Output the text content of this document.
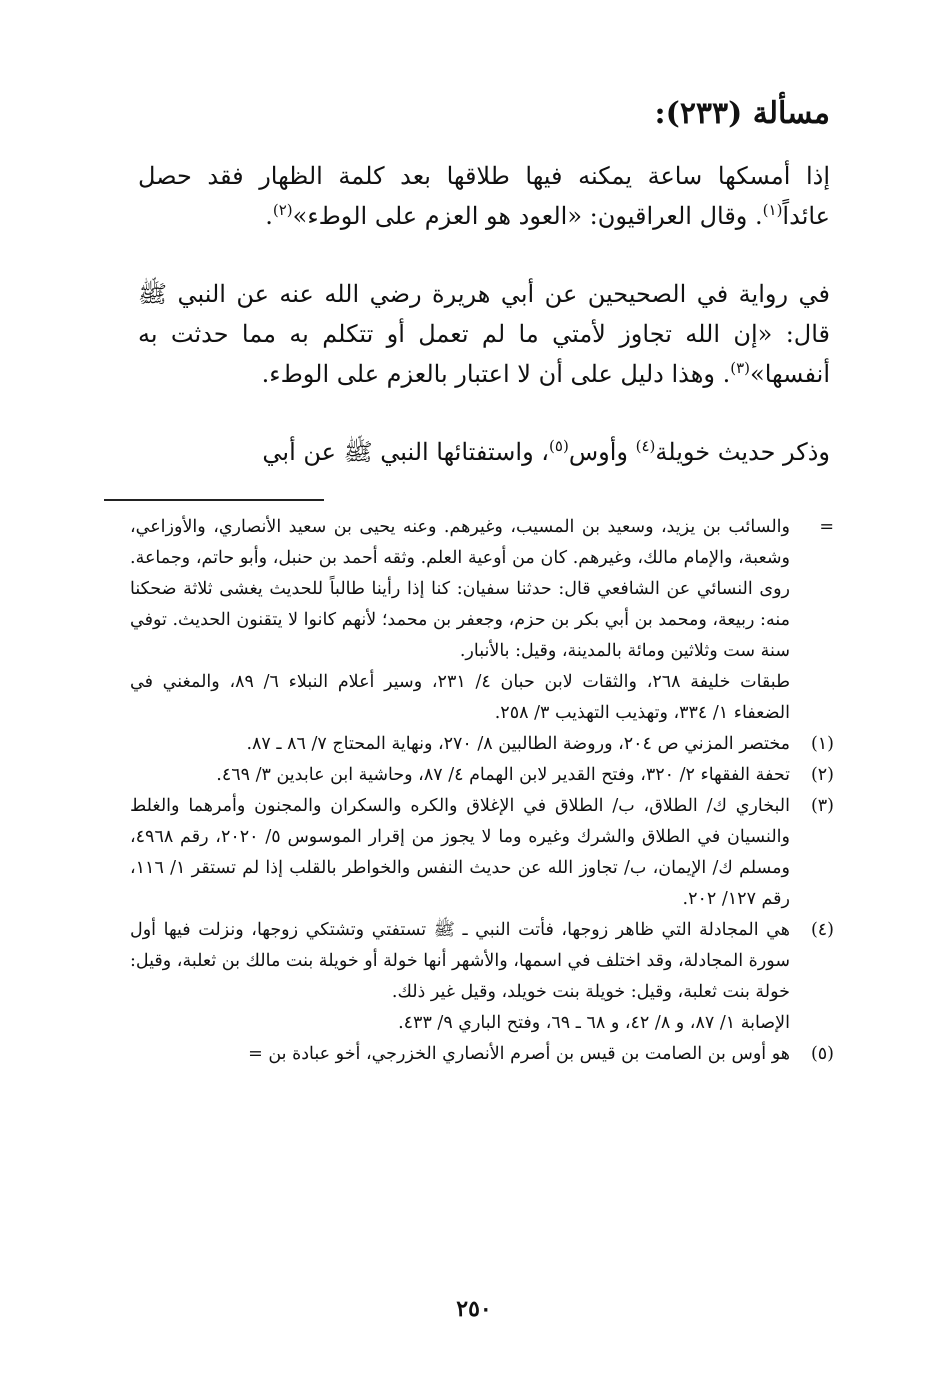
مسألة (٢٣٣):
إذا أمسكها ساعة يمكنه فيها طلاقها بعد كلمة الظهار فقد حصل عائداً$^{(١)}$. وقال العراقيون: «العود هو العزم على الوطء»$^{(٢)}$.
في رواية في الصحيحين عن أبي هريرة رضي الله عنه عن النبي ﷺ قال: «إن الله تجاوز لأمتي ما لم تعمل أو تتكلم به مما حدثت به أنفسها»$^{(٣)}$. وهذا دليل على أن لا اعتبار بالعزم على الوطء.
وذكر حديث خويلة$^{(٤)}$ وأوس$^{(٥)}$، واستفتائها النبي ﷺ عن أبي
=
والسائب بن يزيد، وسعيد بن المسيب، وغيرهم. وعنه يحيى بن سعيد الأنصاري، والأوزاعي، وشعبة، والإمام مالك، وغيرهم. كان من أوعية العلم. وثقه أحمد بن حنبل، وأبو حاتم، وجماعة. روى النسائي عن الشافعي قال: حدثنا سفيان: كنا إذا رأينا طالباً للحديث يغشى ثلاثة ضحكنا منه: ربيعة، ومحمد بن أبي بكر بن حزم، وجعفر بن محمد؛ لأنهم كانوا لا يتقنون الحديث. توفي سنة ست وثلاثين ومائة بالمدينة، وقيل: بالأنبار.
طبقات خليفة ٢٦٨، والثقات لابن حبان ٤/ ٢٣١، وسير أعلام النبلاء ٦/ ٨٩، والمغني في الضعفاء ١/ ٣٣٤، وتهذيب التهذيب ٣/ ٢٥٨.
(١)
مختصر المزني ص ٢٠٤، وروضة الطالبين ٨/ ٢٧٠، ونهاية المحتاج ٧/ ٨٦ ـ ٨٧.
(٢)
تحفة الفقهاء ٢/ ٣٢٠، وفتح القدير لابن الهمام ٤/ ٨٧، وحاشية ابن عابدين ٣/ ٤٦٩.
(٣)
البخاري ك/ الطلاق، ب/ الطلاق في الإغلاق والكره والسكران والمجنون وأمرهما والغلط والنسيان في الطلاق والشرك وغيره وما لا يجوز من إقرار الموسوس ٥/ ٢٠٢٠، رقم ٤٩٦٨، ومسلم ك/ الإيمان، ب/ تجاوز الله عن حديث النفس والخواطر بالقلب إذا لم تستقر ١/ ١١٦، رقم ١٢٧/ ٢٠٢.
(٤)
هي المجادلة التي ظاهر زوجها، فأتت النبي ـ ﷺ تستفتي وتشتكي زوجها، ونزلت فيها أول سورة المجادلة، وقد اختلف في اسمها، والأشهر أنها خولة أو خويلة بنت مالك بن ثعلبة، وقيل: خولة بنت ثعلبة، وقيل: خويلة بنت خويلد، وقيل غير ذلك.
الإصابة ١/ ٨٧، و ٨/ ٤٢، و ٦٨ ـ ٦٩، وفتح الباري ٩/ ٤٣٣.
(٥)
هو أوس بن الصامت بن قيس بن أصرم الأنصاري الخزرجي، أخو عبادة بن =
٢٥٠
